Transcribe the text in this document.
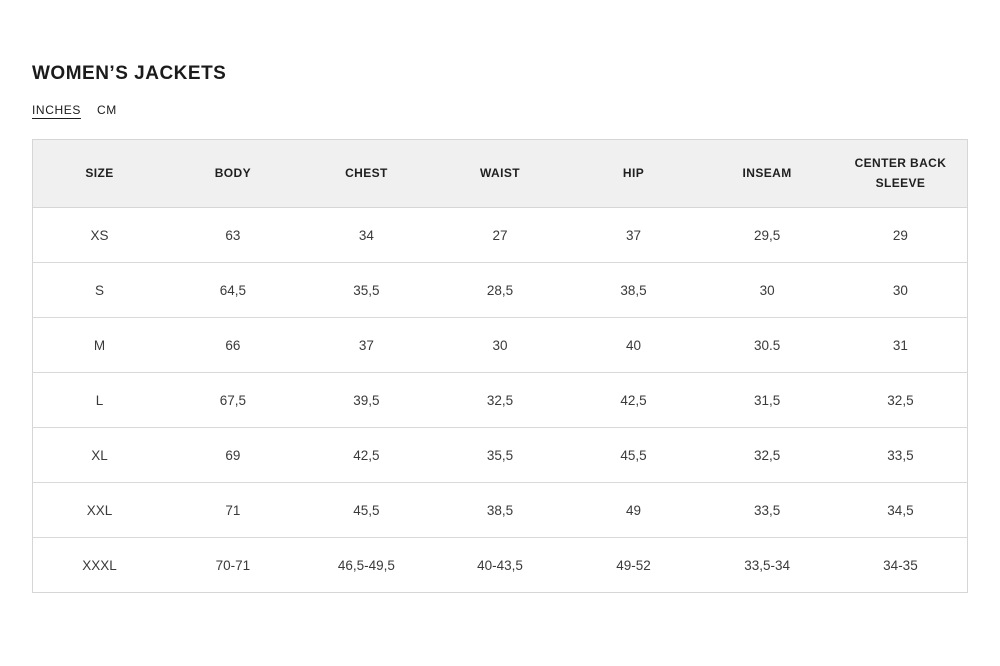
WOMEN’S JACKETS
INCHES CM
SIZE	BODY	CHEST	WAIST	HIP	INSEAM	CENTER BACK SLEEVE
XS	63	34	27	37	29,5	29
S	64,5	35,5	28,5	38,5	30	30
M	66	37	30	40	30.5	31
L	67,5	39,5	32,5	42,5	31,5	32,5
XL	69	42,5	35,5	45,5	32,5	33,5
XXL	71	45,5	38,5	49	33,5	34,5
XXXL	70-71	46,5-49,5	40-43,5	49-52	33,5-34	34-35
